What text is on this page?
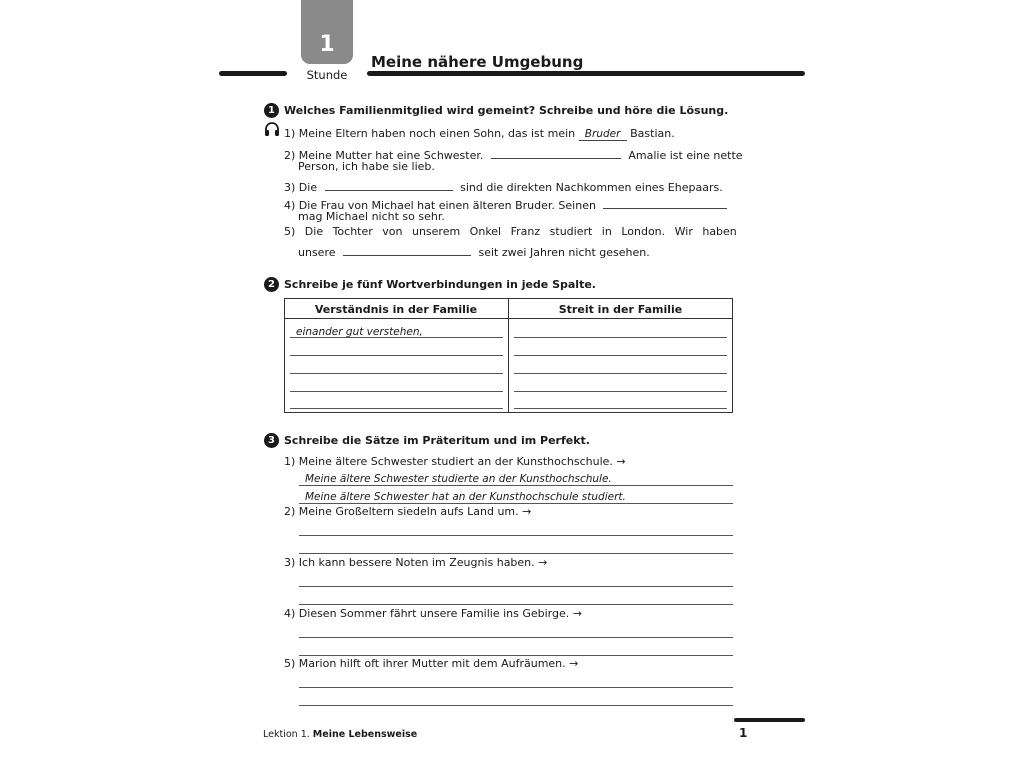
1
Stunde
Meine nähere Umgebung
1 Welches Familienmitglied wird gemeint? Schreibe und höre die Lösung.
1) Meine Eltern haben noch einen Sohn, das ist mein Bruder Bastian.
2) Meine Mutter hat eine Schwester.	Amalie ist eine nette
Person, ich habe sie lieb.
3) Die	sind die direkten Nachkommen eines Ehepaars.
4) Die Frau von Michael hat einen älteren Bruder. Seinen
mag Michael nicht so sehr.
5) Die Tochter von unserem Onkel Franz studiert in London. Wir haben
unsere	seit zwei Jahren nicht gesehen.
2 Schreibe je fünf Wortverbindungen in jede Spalte.
Verständnis in der Familie	Streit in der Familie
einander gut verstehen,
3 Schreibe die Sätze im Präteritum und im Perfekt.
1) Meine ältere Schwester studiert an der Kunsthochschule. →
Meine ältere Schwester studierte an der Kunsthochschule.
Meine ältere Schwester hat an der Kunsthochschule studiert.
2) Meine Großeltern siedeln aufs Land um. →
3) Ich kann bessere Noten im Zeugnis haben. →
4) Diesen Sommer fährt unsere Familie ins Gebirge. →
5) Marion hilft oft ihrer Mutter mit dem Aufräumen. →
Lektion 1. Meine Lebensweise	1
